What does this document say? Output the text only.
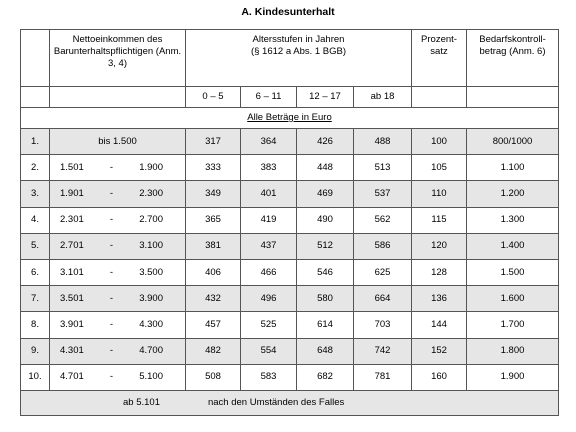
A. Kindesunterhalt
	Nettoeinkommen des Barunterhaltspflichtigen (Anm. 3, 4)	Altersstufen in Jahren
(§ 1612 a Abs. 1 BGB)				Prozent- satz	Bedarfskontroll- betrag (Anm. 6)
		0 – 5	6 – 11	12 – 17	ab 18		
Alle Beträge in Euro							
1.	bis 1.500	317	364	426	488	100	800/1000
2.	1.501 - 1.900	333	383	448	513	105	1.100
3.	1.901 - 2.300	349	401	469	537	110	1.200
4.	2.301 - 2.700	365	419	490	562	115	1.300
5.	2.701 - 3.100	381	437	512	586	120	1.400
6.	3.101 - 3.500	406	466	546	625	128	1.500
7.	3.501 - 3.900	432	496	580	664	136	1.600
8.	3.901 - 4.300	457	525	614	703	144	1.700
9.	4.301 - 4.700	482	554	648	742	152	1.800
10.	4.701 - 5.100	508	583	682	781	160	1.900

ab 5.101 nach den Umständen des Falles							
